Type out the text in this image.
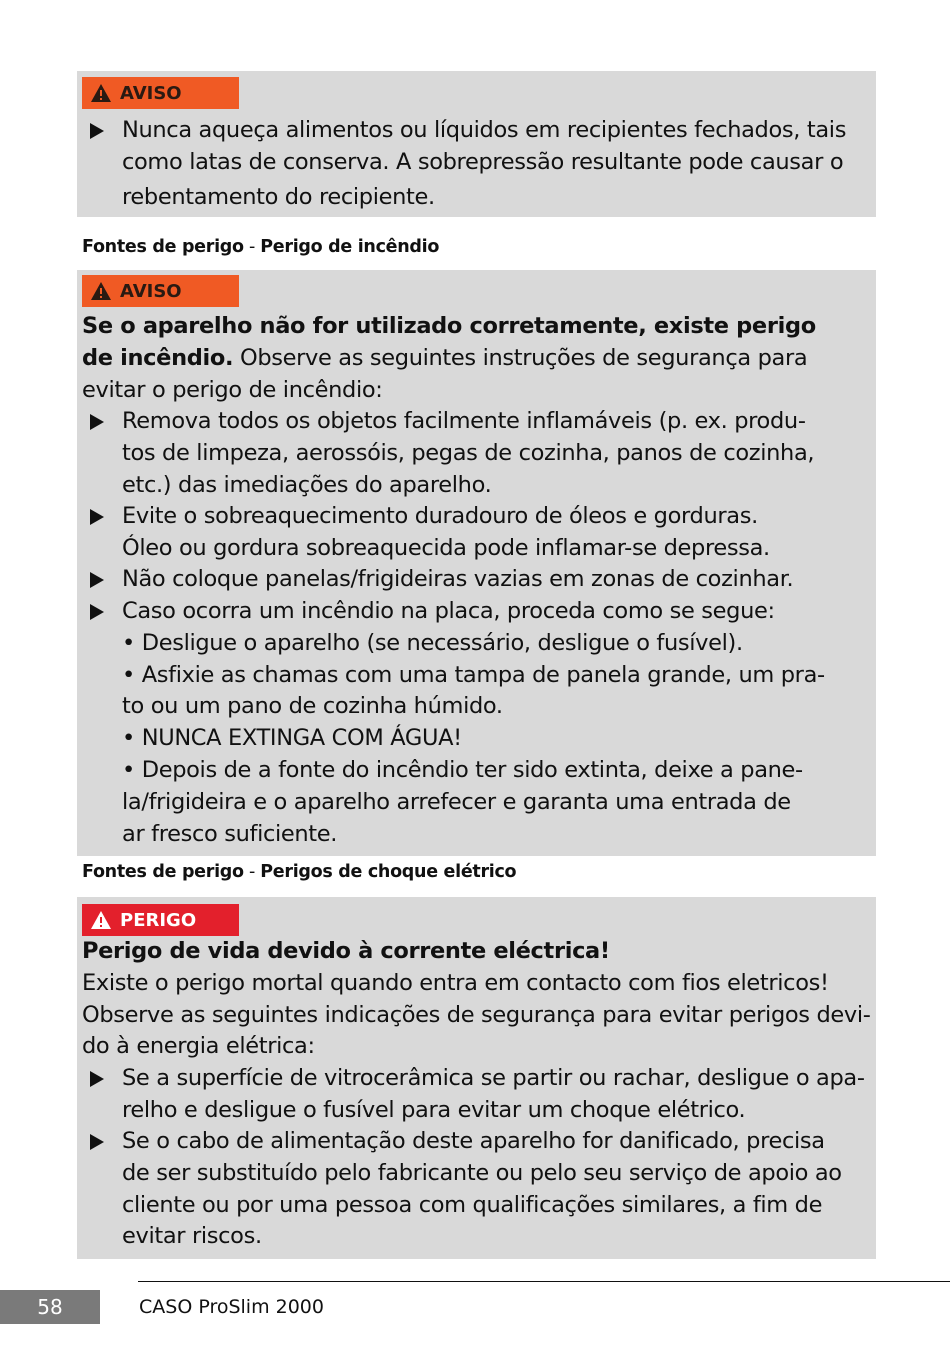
AVISO
Nunca aqueça alimentos ou líquidos em recipientes fechados, tais
como latas de conserva. A sobrepressão resultante pode causar o
rebentamento do recipiente.
Fontes de perigo - Perigo de incêndio
AVISO
Se o aparelho não for utilizado corretamente, existe perigo
de incêndio. Observe as seguintes instruções de segurança para
evitar o perigo de incêndio:
Remova todos os objetos facilmente inflamáveis (p. ex. produ-
tos de limpeza, aerossóis, pegas de cozinha, panos de cozinha,
etc.) das imediações do aparelho.
Evite o sobreaquecimento duradouro de óleos e gorduras.
Óleo ou gordura sobreaquecida pode inflamar-se depressa.
Não coloque panelas/frigideiras vazias em zonas de cozinhar.
Caso ocorra um incêndio na placa, proceda como se segue:
• Desligue o aparelho (se necessário, desligue o fusível).
• Asfixie as chamas com uma tampa de panela grande, um pra-
to ou um pano de cozinha húmido.
• NUNCA EXTINGA COM ÁGUA!
• Depois de a fonte do incêndio ter sido extinta, deixe a pane-
la/frigideira e o aparelho arrefecer e garanta uma entrada de
ar fresco suficiente.
Fontes de perigo - Perigos de choque elétrico
PERIGO
Perigo de vida devido à corrente eléctrica!
Existe o perigo mortal quando entra em contacto com fios eletricos!
Observe as seguintes indicações de segurança para evitar perigos devi-
do à energia elétrica:
Se a superfície de vitrocerâmica se partir ou rachar, desligue o apa-
relho e desligue o fusível para evitar um choque elétrico.
Se o cabo de alimentação deste aparelho for danificado, precisa
de ser substituído pelo fabricante ou pelo seu serviço de apoio ao
cliente ou por uma pessoa com qualificações similares, a fim de
evitar riscos.
58	CASO ProSlim 2000
